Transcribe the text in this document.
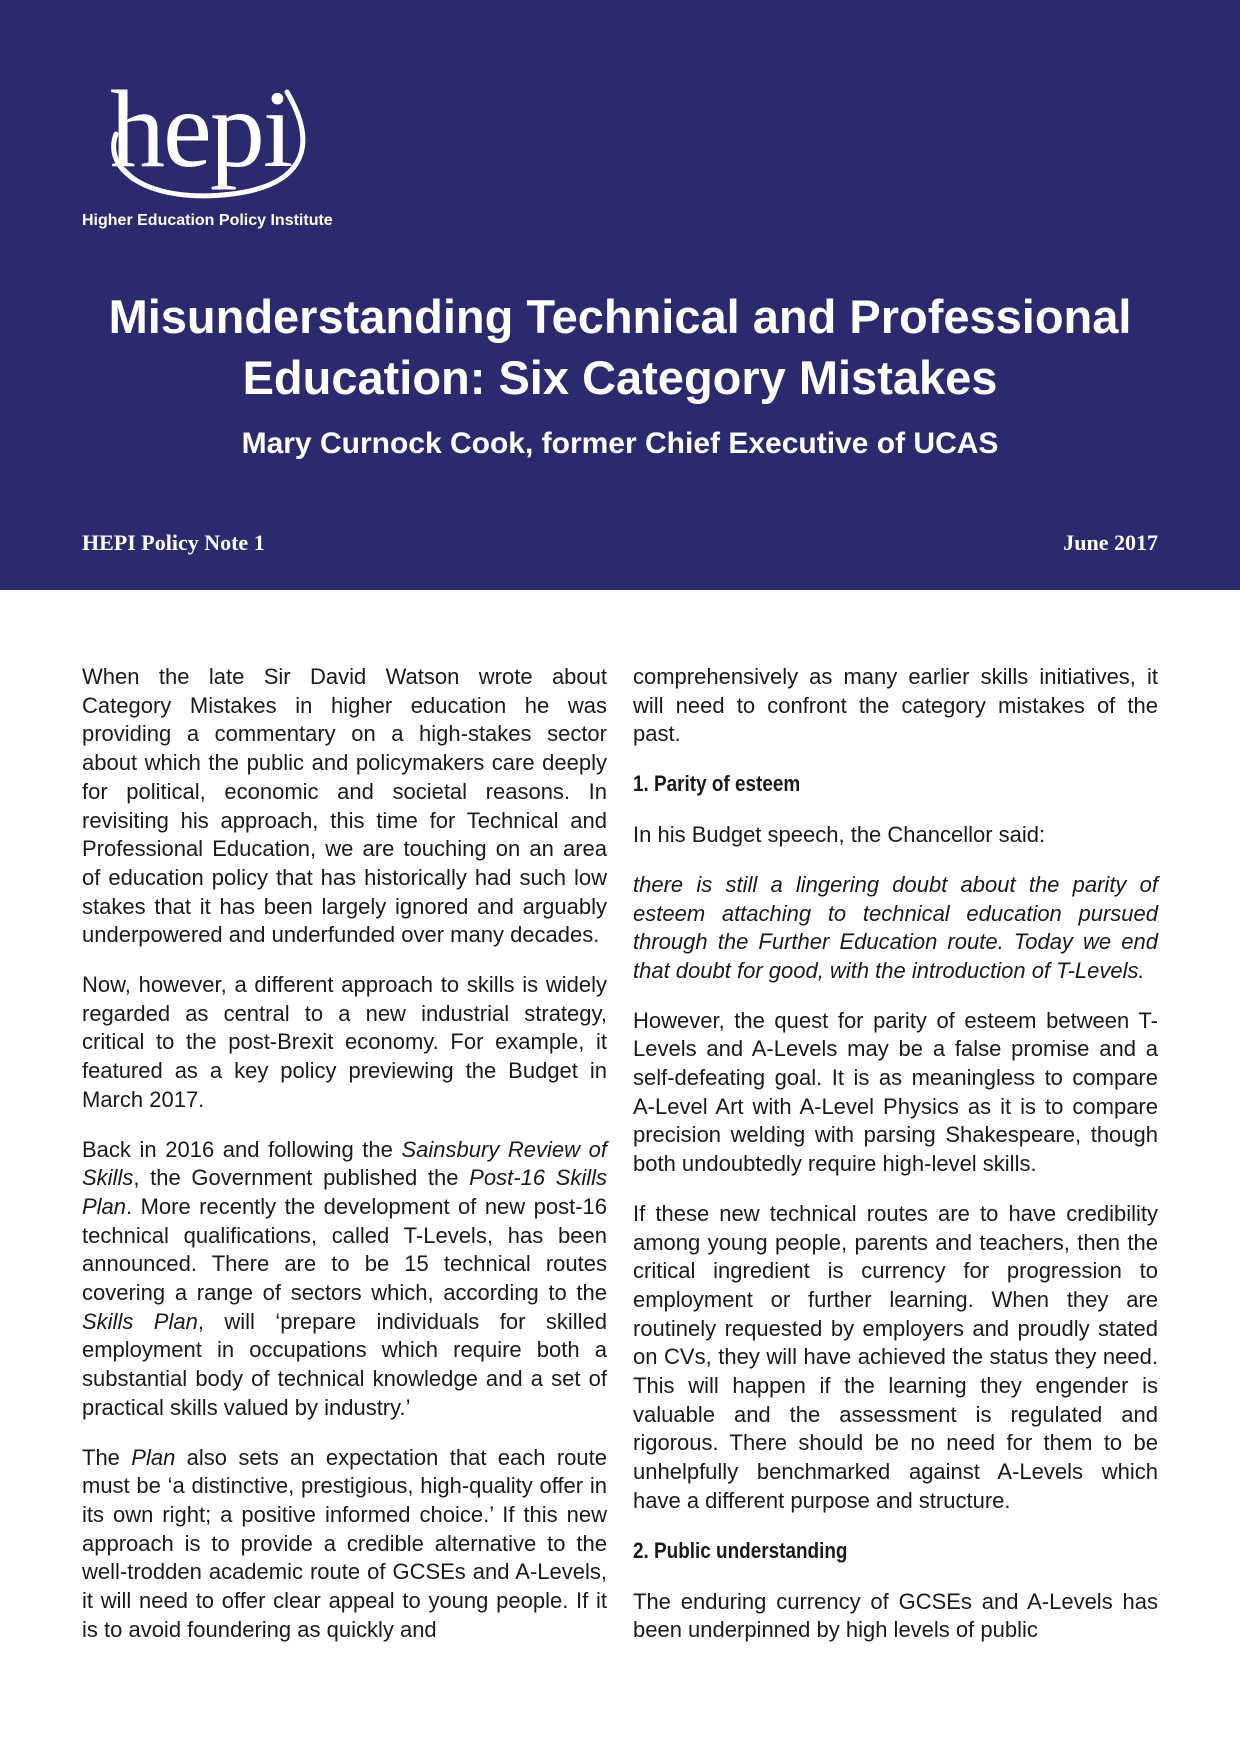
hepi
Higher Education Policy Institute
Misunderstanding Technical and Professional
Education: Six Category Mistakes
Mary Curnock Cook, former Chief Executive of UCAS
HEPI Policy Note 1	June 2017

When the late Sir David Watson wrote about Category Mistakes in higher education he was providing a commentary on a high-stakes sector about which the public and policymakers care deeply for political, economic and societal reasons. In revisiting his approach, this time for Technical and Professional Education, we are touching on an area of education policy that has historically had such low stakes that it has been largely ignored and arguably underpowered and underfunded over many decades.

Now, however, a different approach to skills is widely regarded as central to a new industrial strategy, critical to the post-Brexit economy. For example, it featured as a key policy previewing the Budget in March 2017.

Back in 2016 and following the Sainsbury Review of Skills, the Government published the Post-16 Skills Plan. More recently the development of new post-16 technical qualifications, called T-Levels, has been announced. There are to be 15 technical routes covering a range of sectors which, according to the Skills Plan, will ‘prepare individuals for skilled employment in occupations which require both a substantial body of technical knowledge and a set of practical skills valued by industry.’

The Plan also sets an expectation that each route must be ‘a distinctive, prestigious, high-quality offer in its own right; a positive informed choice.’ If this new approach is to provide a credible alternative to the well-trodden academic route of GCSEs and A-Levels, it will need to offer clear appeal to young people. If it is to avoid foundering as quickly and

comprehensively as many earlier skills initiatives, it will need to confront the category mistakes of the past.

1. Parity of esteem

In his Budget speech, the Chancellor said:

there is still a lingering doubt about the parity of esteem attaching to technical education pursued through the Further Education route. Today we end that doubt for good, with the introduction of T-Levels.

However, the quest for parity of esteem between T-Levels and A-Levels may be a false promise and a self-defeating goal. It is as meaningless to compare A-Level Art with A-Level Physics as it is to compare precision welding with parsing Shakespeare, though both undoubtedly require high-level skills.

If these new technical routes are to have credibility among young people, parents and teachers, then the critical ingredient is currency for progression to employment or further learning. When they are routinely requested by employers and proudly stated on CVs, they will have achieved the status they need. This will happen if the learning they engender is valuable and the assessment is regulated and rigorous. There should be no need for them to be unhelpfully benchmarked against A-Levels which have a different purpose and structure.

2. Public understanding

The enduring currency of GCSEs and A-Levels has been underpinned by high levels of public
